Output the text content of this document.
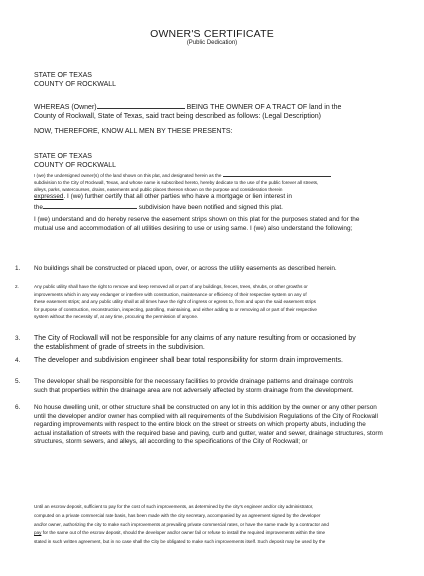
OWNER'S CERTIFICATE
(Public Dedication)
STATE OF TEXAS
COUNTY OF ROCKWALL
WHEREAS (Owner)	BEING THE OWNER OF A TRACT OF land in the
County of Rockwall, State of Texas, said tract being described as follows: (Legal Description)
NOW, THEREFORE, KNOW ALL MEN BY THESE PRESENTS:
STATE OF TEXAS
COUNTY OF ROCKWALL
I (we) the undersigned owner(s) of the land shown on this plat, and designated herein as the
subdivision to the City of Rockwall, Texas, and whose name is subscribed hereto, hereby dedicate to the use of the public forever all streets,
alleys, parks, watercourses, drains, easements and public places thereon shown on the purpose and consideration therein
expressed. I (we) further certify that all other parties who have a mortgage or lien interest in
the	subdivision have been notified and signed this plat.
I (we) understand and do hereby reserve the easement strips shown on this plat for the purposes stated and for the
mutual use and accommodation of all utilities desiring to use or using same. I (we) also understand the following;
1. No buildings shall be constructed or placed upon, over, or across the utility easements as described herein.
2.	Any public utility shall have the right to remove and keep removed all or part of any buildings, fences, trees, shrubs, or other growths or
improvements which in any way endanger or interfere with construction, maintenance or efficiency of their respective system on any of
these easement strips; and any public utility shall at all times have the right of ingress or egress to, from and upon the said easement strips
for purpose of construction, reconstruction, inspecting, patrolling, maintaining, and either adding to or removing all or part of their respective
system without the necessity of, at any time, procuring the permission of anyone.
3. The City of Rockwall will not be responsible for any claims of any nature resulting from or occasioned by
the establishment of grade of streets in the subdivision.
4. The developer and subdivision engineer shall bear total responsibility for storm drain improvements.
5. The developer shall be responsible for the necessary facilities to provide drainage patterns and drainage controls
such that properties within the drainage area are not adversely affected by storm drainage from the development.
6. No house dwelling unit, or other structure shall be constructed on any lot in this addition by the owner or any other person
until the developer and/or owner has complied with all requirements of the Subdivision Regulations of the City of Rockwall
regarding improvements with respect to the entire block on the street or streets on which property abuts, including the
actual installation of streets with the required base and paving, curb and gutter, water and sewer, drainage structures, storm
structures, storm sewers, and alleys, all according to the specifications of the City of Rockwall; or
Until an escrow deposit, sufficient to pay for the cost of such improvements, as determined by the city's engineer and/or city administrator,
computed on a private commercial rate basis, has been made with the city secretary, accompanied by an agreement signed by the developer
and/or owner, authorizing the city to make such improvements at prevailing private commercial rates, or have the same made by a contractor and
pay for the same out of the escrow deposit, should the developer and/or owner fail or refuse to install the required improvements within the time
stated in such written agreement, but in no case shall the City be obligated to make such improvements itself. Such deposit may be used by the
